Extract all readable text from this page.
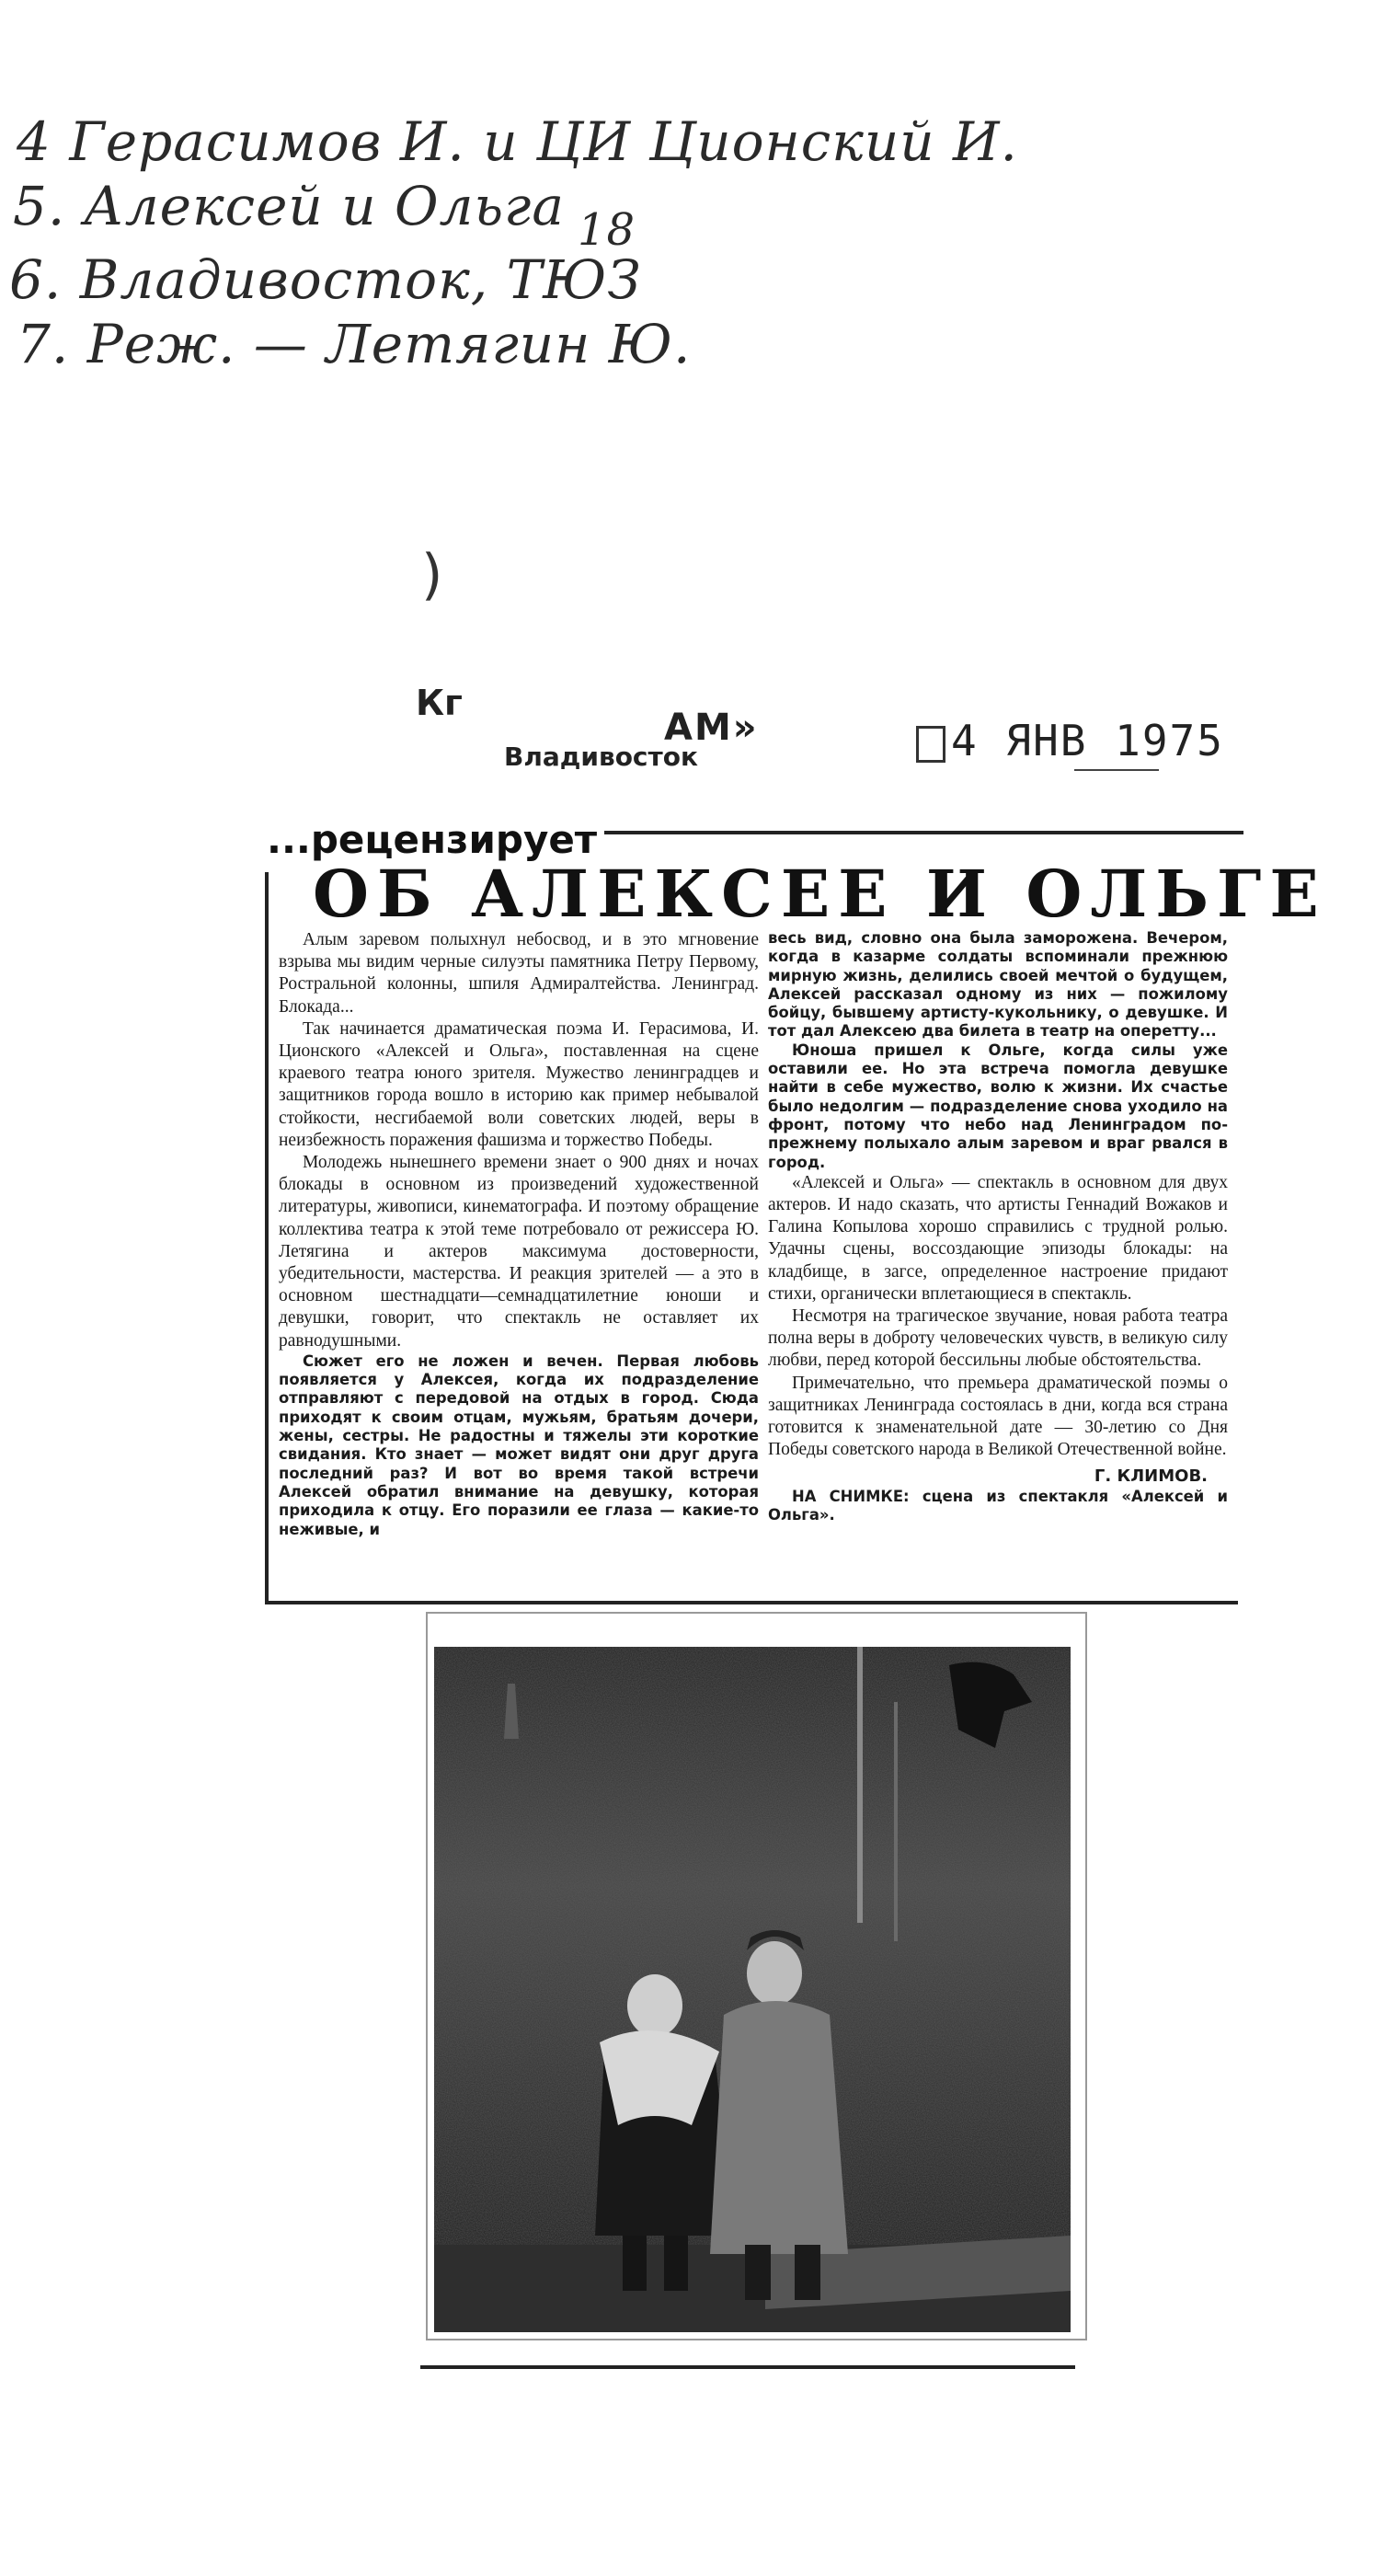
4 Герасимов И. и ЦИ Ционский И.
5. Алексей и Ольга 18
6. Владивосток, ТЮЗ
7. Реж. — Летягин Ю.
)
Кг
АМ»
Владивосток	4 ЯНВ 1975
...рецензирует
ОБ АЛЕКСЕЕ И ОЛЬГЕ

Алым заревом полыхнул небосвод, и в это мгновение взрыва мы видим черные силуэты памятника Петру Первому, Ростральной колонны, шпиля Адмиралтейства. Ленинград. Блокада...

Так начинается драматическая поэма И. Герасимова, И. Ционского «Алексей и Ольга», поставленная на сцене краевого театра юного зрителя. Мужество ленинградцев и защитников города вошло в историю как пример небывалой стойкости, несгибаемой воли советских людей, веры в неизбежность поражения фашизма и торжество Победы.

Молодежь нынешнего времени знает о 900 днях и ночах блокады в основном из произведений художественной литературы, живописи, кинематографа. И поэтому обращение коллектива театра к этой теме потребовало от режиссера Ю. Летягина и актеров максимума достоверности, убедительности, мастерства. И реакция зрителей — а это в основном шестнадцати—семнадцатилетние юноши и девушки, говорит, что спектакль не оставляет их равнодушными.

Сюжет его не ложен и вечен. Первая любовь появляется у Алексея, когда их подразделение отправляют с передовой на отдых в город. Сюда приходят к своим отцам, мужьям, братьям дочери, жены, сестры. Не радостны и тяжелы эти короткие свидания. Кто знает — может видят они друг друга последний раз? И вот во время такой встречи Алексей обратил внимание на девушку, которая приходила к отцу. Его поразили ее глаза — какие-то неживые, и

весь вид, словно она была заморожена. Вечером, когда в казарме солдаты вспоминали прежнюю мирную жизнь, делились своей мечтой о будущем, Алексей рассказал одному из них — пожилому бойцу, бывшему артисту-кукольнику, о девушке. И тот дал Алексею два билета в театр на оперетту...

Юноша пришел к Ольге, когда силы уже оставили ее. Но эта встреча помогла девушке найти в себе мужество, волю к жизни. Их счастье было недолгим — подразделение снова уходило на фронт, потому что небо над Ленинградом по-прежнему полыхало алым заревом и враг рвался в город.

«Алексей и Ольга» — спектакль в основном для двух актеров. И надо сказать, что артисты Геннадий Вожаков и Галина Копылова хорошо справились с трудной ролью. Удачны сцены, воссоздающие эпизоды блокады: на кладбище, в загсе, определенное настроение придают стихи, органически вплетающиеся в спектакль.

Несмотря на трагическое звучание, новая работа театра полна веры в доброту человеческих чувств, в великую силу любви, перед которой бессильны любые обстоятельства.

Примечательно, что премьера драматической поэмы о защитниках Ленинграда состоялась в дни, когда вся страна готовится к знаменательной дате — 30-летию со Дня Победы советского народа в Великой Отечественной войне.

Г. КЛИМОВ.

НА СНИМКЕ: сцена из спектакля «Алексей и Ольга».
